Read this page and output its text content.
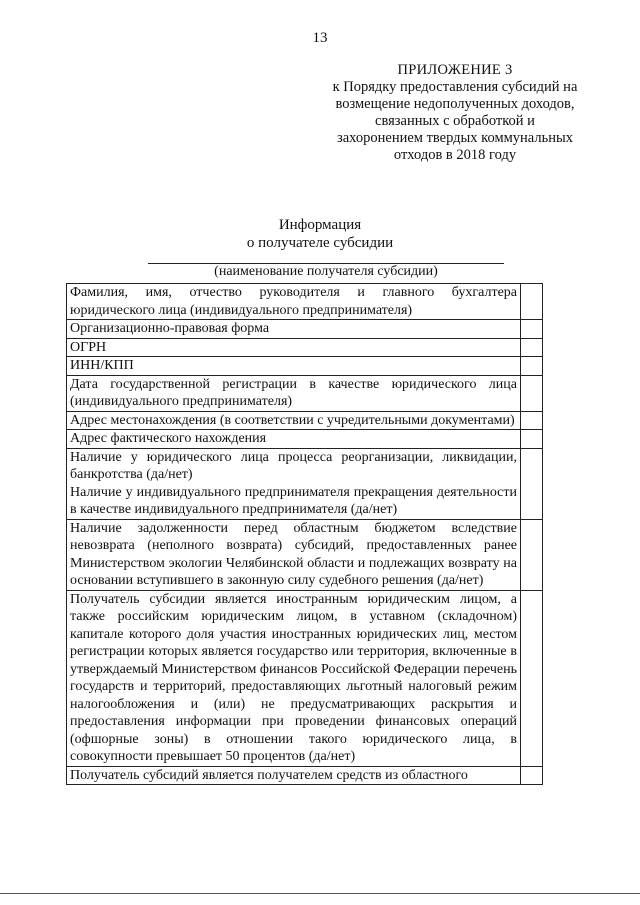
13
ПРИЛОЖЕНИЕ 3
к Порядку предоставления субсидий на
возмещение недополученных доходов,
связанных с обработкой и
захоронением твердых коммунальных
отходов в 2018 году
Информация
о получателе субсидии
(наименование получателя субсидии)
Фамилия, имя, отчество руководителя и главного бухгалтера юридического лица (индивидуального предпринимателя)	
Организационно-правовая форма	
ОГРН	
ИНН/КПП	
Дата государственной регистрации в качестве юридического лица (индивидуального предпринимателя)	
Адрес местонахождения (в соответствии с учредительными документами)	
Адрес фактического нахождения	

Наличие у юридического лица процесса реорганизации, ликвидации, банкротства (да/нет)
Наличие у индивидуального предпринимателя прекращения деятельности в качестве индивидуального предпринимателя (да/нет)	

Наличие задолженности перед областным бюджетом вследствие невозврата (неполного возврата) субсидий, предоставленных ранее Министерством экологии Челябинской области и подлежащих возврату на основании вступившего в законную силу судебного решения (да/нет)	
Получатель субсидии является иностранным юридическим лицом, а также российским юридическим лицом, в уставном (складочном) капитале которого доля участия иностранных юридических лиц, местом регистрации которых является государство или территория, включенные в утверждаемый Министерством финансов Российской Федерации перечень государств и территорий, предоставляющих льготный налоговый режим налогообложения и (или) не предусматривающих раскрытия и предоставления информации при проведении финансовых операций (офшорные зоны) в отношении такого юридического лица, в совокупности превышает 50 процентов (да/нет)	
Получатель субсидий является получателем средств из областного	
